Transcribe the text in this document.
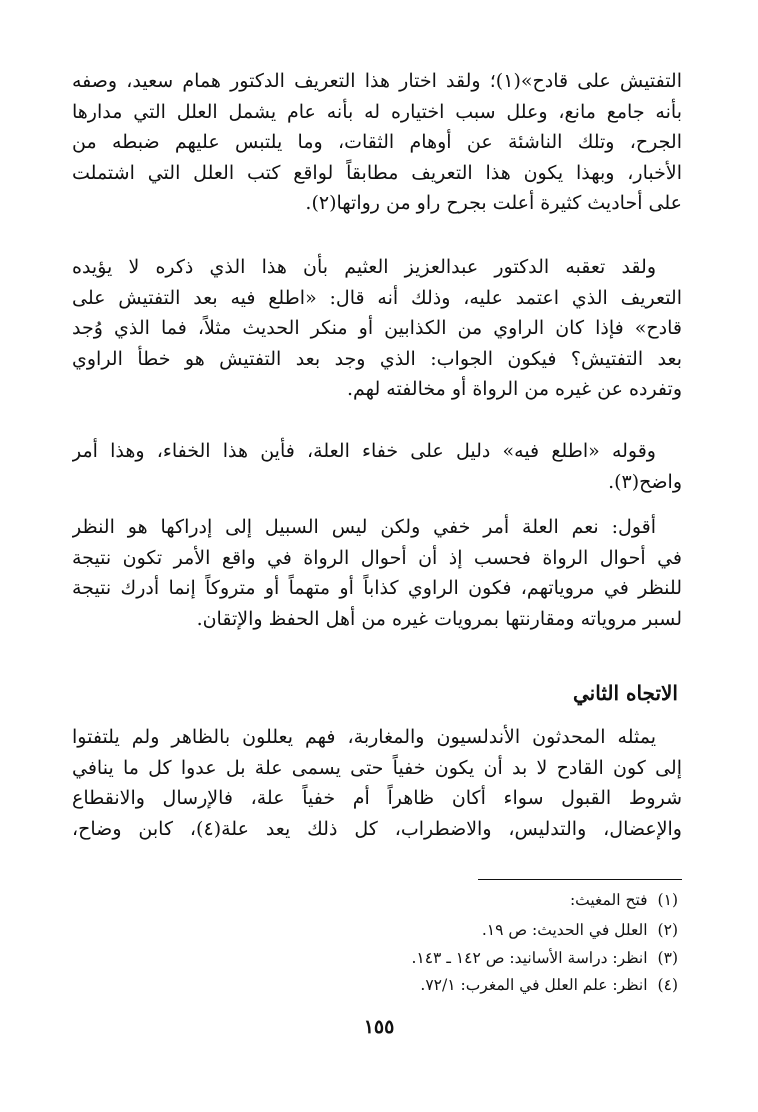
التفتيش على قادح»(١)؛ ولقد اختار هذا التعريف الدكتور همام سعيد، وصفه
بأنه جامع مانع، وعلل سبب اختياره له بأنه عام يشمل العلل التي مدارها
الجرح، وتلك الناشئة عن أوهام الثقات، وما يلتبس عليهم ضبطه من
الأخبار، وبهذا يكون هذا التعريف مطابقاً لواقع كتب العلل التي اشتملت
على أحاديث كثيرة أعلت بجرح راو من رواتها(٢).
ولقد تعقبه الدكتور عبدالعزيز العثيم بأن هذا الذي ذكره لا يؤيده
التعريف الذي اعتمد عليه، وذلك أنه قال: «اطلع فيه بعد التفتيش على
قادح» فإذا كان الراوي من الكذابين أو منكر الحديث مثلاً، فما الذي وُجد
بعد التفتيش؟ فيكون الجواب: الذي وجد بعد التفتيش هو خطأ الراوي
وتفرده عن غيره من الرواة أو مخالفته لهم.
وقوله «اطلع فيه» دليل على خفاء العلة، فأين هذا الخفاء، وهذا أمر
واضح(٣).
أقول: نعم العلة أمر خفي ولكن ليس السبيل إلى إدراكها هو النظر
في أحوال الرواة فحسب إذ أن أحوال الرواة في واقع الأمر تكون نتيجة
للنظر في مروياتهم، فكون الراوي كذاباً أو متهماً أو متروكاً إنما أدرك نتيجة
لسبر مروياته ومقارنتها بمرويات غيره من أهل الحفظ والإتقان.
الاتجاه الثاني
يمثله المحدثون الأندلسيون والمغاربة، فهم يعللون بالظاهر ولم يلتفتوا
إلى كون القادح لا بد أن يكون خفياً حتى يسمى علة بل عدوا كل ما ينافي
شروط القبول سواء أكان ظاهراً أم خفياً علة، فالإرسال والانقطاع
والإعضال، والتدليس، والاضطراب، كل ذلك يعد علة(٤)، كابن وضاح،
(١)فتح المغيث:
(٢)العلل في الحديث: ص ١٩.
(٣)انظر: دراسة الأسانيد: ص ١٤٢ ـ ١٤٣.
(٤)انظر: علم العلل في المغرب: ٧٢/١.
١٥٥
